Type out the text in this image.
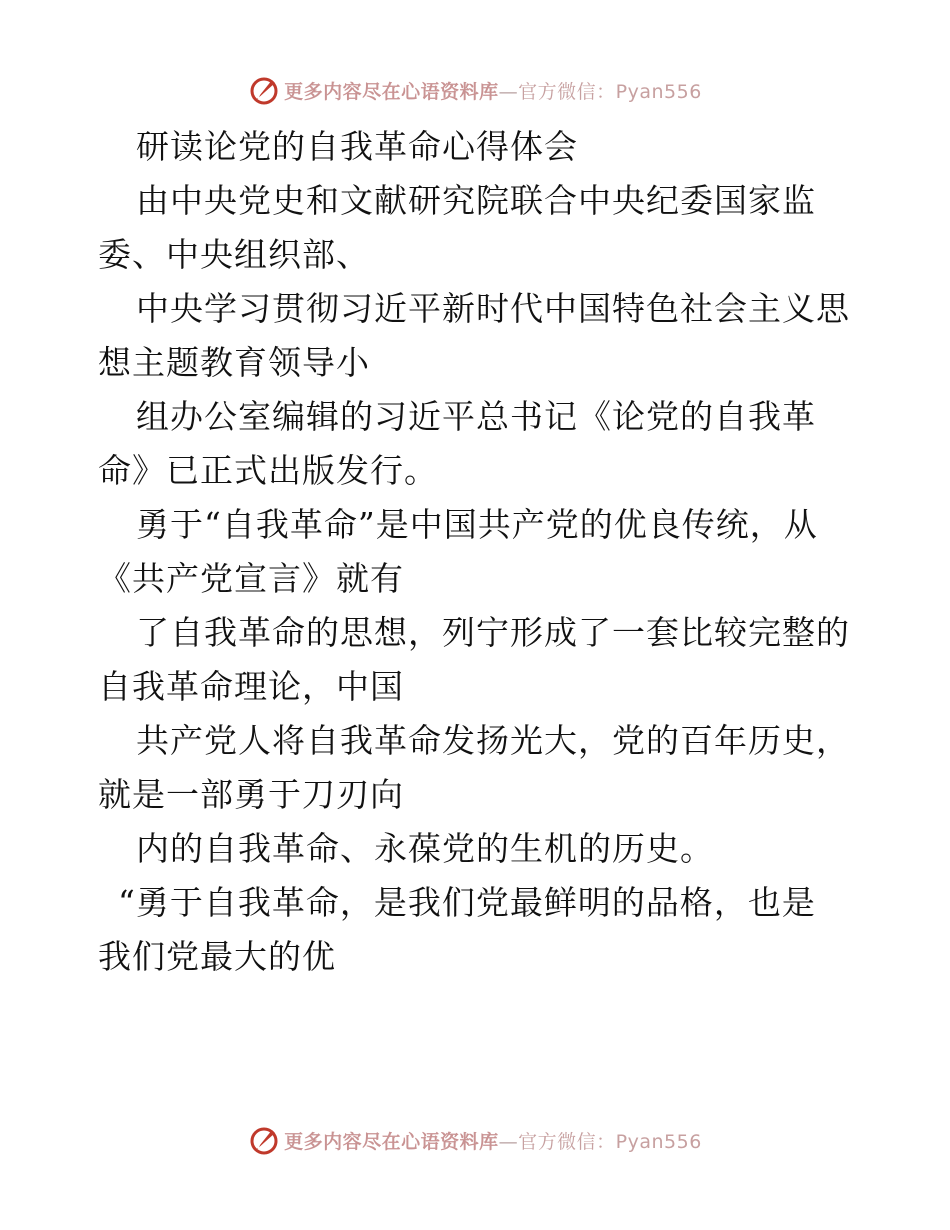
更多内容尽在心语资料库—官方微信：Pyan556
研读论党的自我革命心得体会
由中央党史和文献研究院联合中央纪委国家监
委、中央组织部、
中央学习贯彻习近平新时代中国特色社会主义思
想主题教育领导小
组办公室编辑的习近平总书记《论党的自我革
命》已正式出版发行。
勇于“自我革命”是中国共产党的优良传统，从
《共产党宣言》就有
了自我革命的思想，列宁形成了一套比较完整的
自我革命理论，中国
共产党人将自我革命发扬光大，党的百年历史，
就是一部勇于刀刃向
内的自我革命、永葆党的生机的历史。
“勇于自我革命，是我们党最鲜明的品格，也是
我们党最大的优
更多内容尽在心语资料库—官方微信：Pyan556
